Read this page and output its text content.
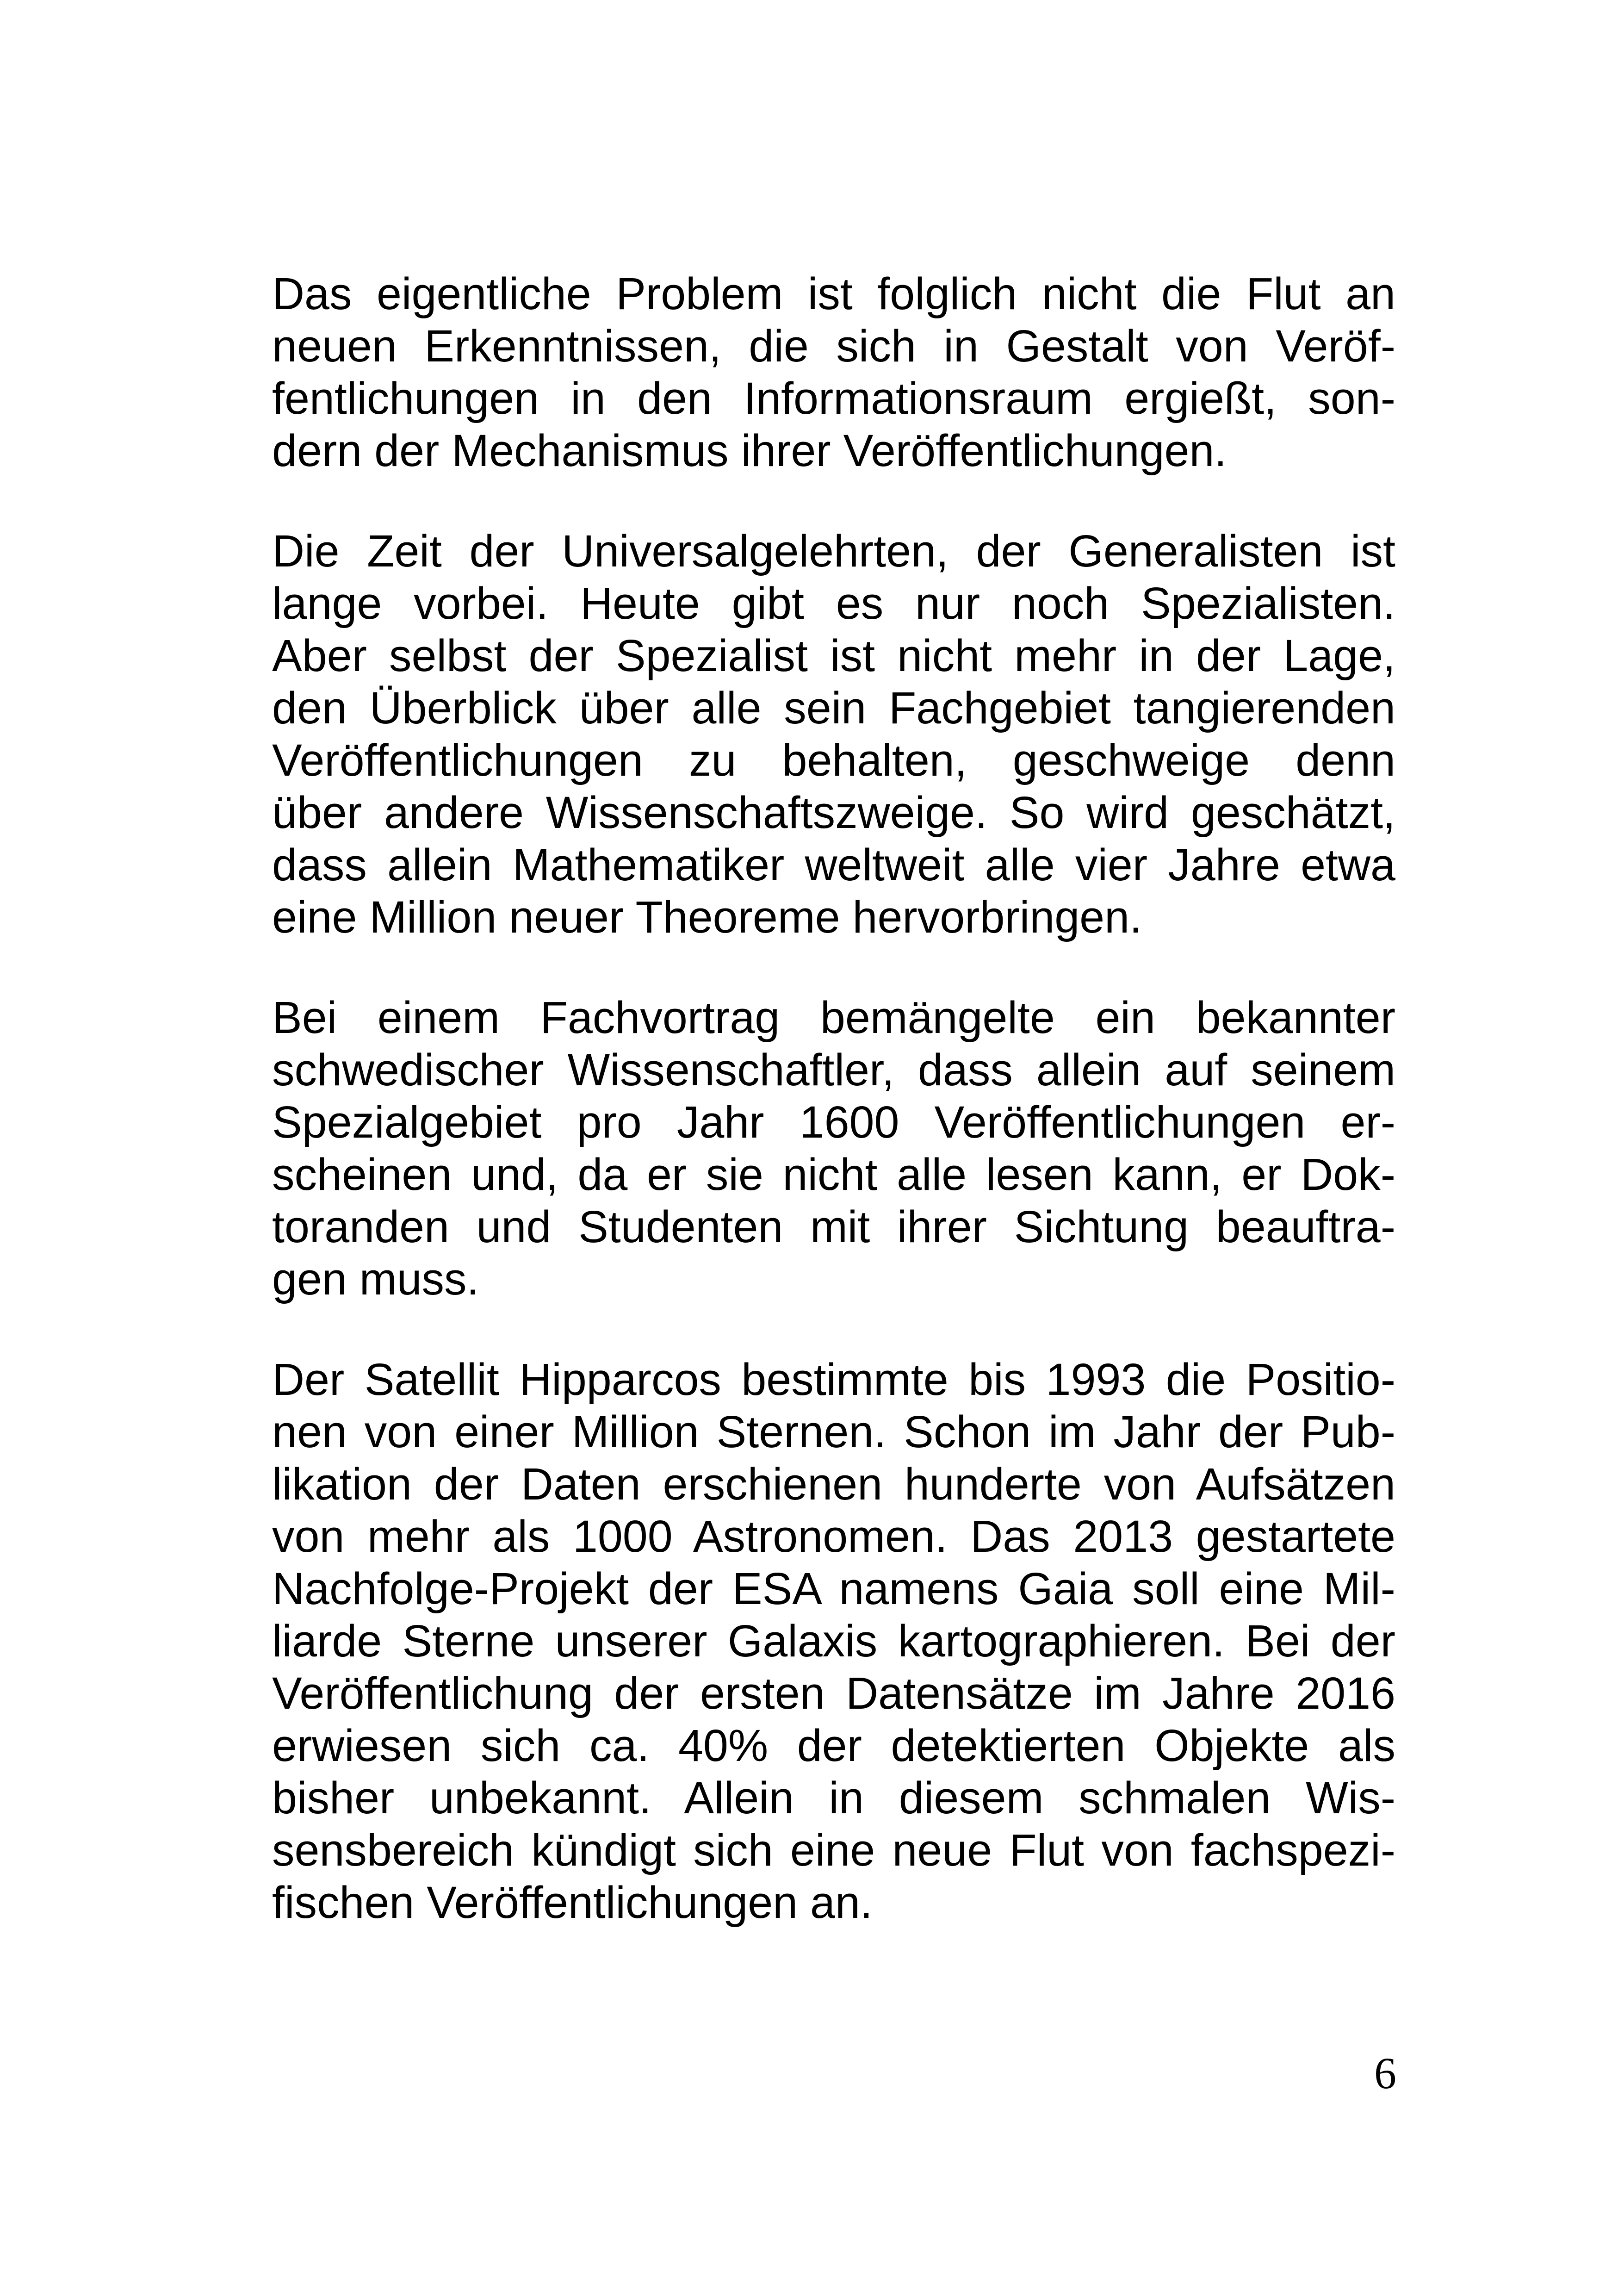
Das eigentliche Problem ist folglich nicht die Flut an
neuen Erkenntnissen, die sich in Gestalt von Veröf-
fentlichungen in den Informationsraum ergießt, son-
dern der Mechanismus ihrer Veröffentlichungen.

Die Zeit der Universalgelehrten, der Generalisten ist
lange vorbei. Heute gibt es nur noch Spezialisten.
Aber selbst der Spezialist ist nicht mehr in der Lage,
den Überblick über alle sein Fachgebiet tangierenden
Veröffentlichungen zu behalten, geschweige denn
über andere Wissenschaftszweige. So wird geschätzt,
dass allein Mathematiker weltweit alle vier Jahre etwa
eine Million neuer Theoreme hervorbringen.

Bei einem Fachvortrag bemängelte ein bekannter
schwedischer Wissenschaftler, dass allein auf seinem
Spezialgebiet pro Jahr 1600 Veröffentlichungen er-
scheinen und, da er sie nicht alle lesen kann, er Dok-
toranden und Studenten mit ihrer Sichtung beauftra-
gen muss.

Der Satellit Hipparcos bestimmte bis 1993 die Positio-
nen von einer Million Sternen. Schon im Jahr der Pub-
likation der Daten erschienen hunderte von Aufsätzen
von mehr als 1000 Astronomen. Das 2013 gestartete
Nachfolge-Projekt der ESA namens Gaia soll eine Mil-
liarde Sterne unserer Galaxis kartographieren. Bei der
Veröffentlichung der ersten Datensätze im Jahre 2016
erwiesen sich ca. 40% der detektierten Objekte als
bisher unbekannt. Allein in diesem schmalen Wis-
sensbereich kündigt sich eine neue Flut von fachspezi-
fischen Veröffentlichungen an.

6
